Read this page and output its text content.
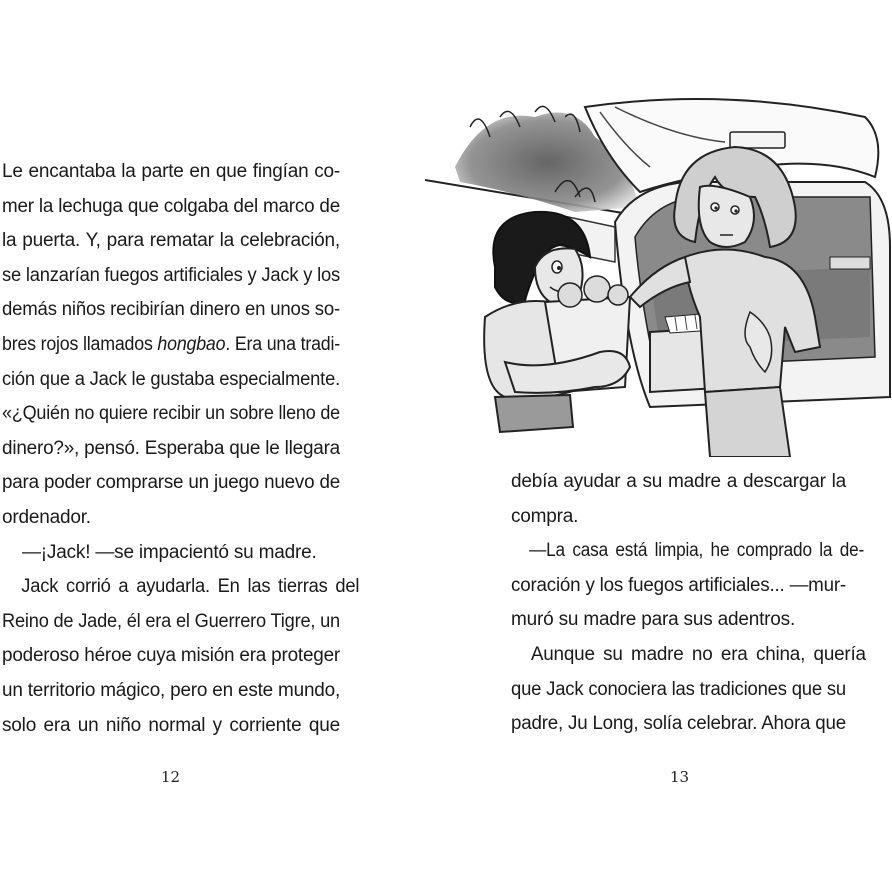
Le encantaba la parte en que fingían co-
mer la lechuga que colgaba del marco de
la puerta. Y, para rematar la celebración,
se lanzarían fuegos artificiales y Jack y los
demás niños recibirían dinero en unos so-
bres rojos llamados hongbao. Era una tradi-
ción que a Jack le gustaba especialmente.
«¿Quién no quiere recibir un sobre lleno de
dinero?», pensó. Esperaba que le llegara
para poder comprarse un juego nuevo de
ordenador.
—¡Jack! —se impacientó su madre.
Jack corrió a ayudarla. En las tierras del
Reino de Jade, él era el Guerrero Tigre, un
poderoso héroe cuya misión era proteger
un territorio mágico, pero en este mundo,
solo era un niño normal y corriente que
12
debía ayudar a su madre a descargar la
compra.
—La casa está limpia, he comprado la de-
coración y los fuegos artificiales... —mur-
muró su madre para sus adentros.
Aunque su madre no era china, quería
que Jack conociera las tradiciones que su
padre, Ju Long, solía celebrar. Ahora que
13
